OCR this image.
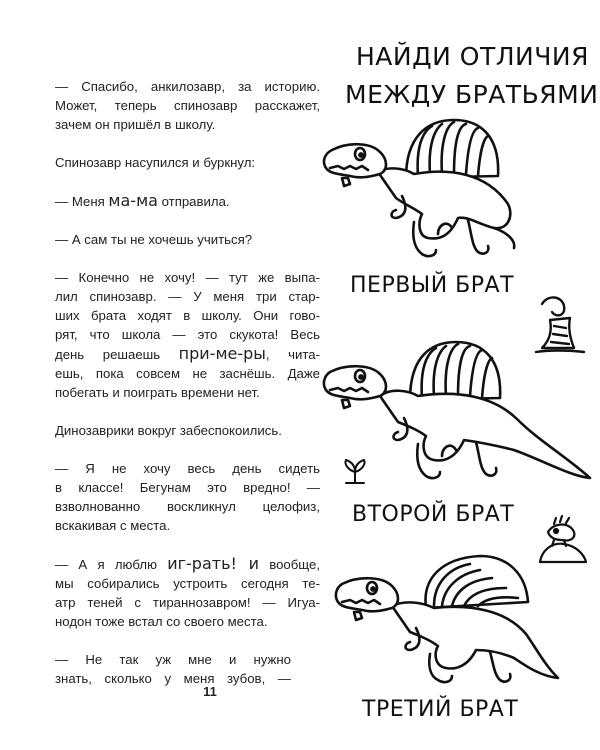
— Спасибо, анкилозавр, за историю.
Может, теперь спинозавр расскажет,
зачем он пришёл в школу.

Спинозавр насупился и буркнул:

— Меня ма-ма отправила.

— А сам ты не хочешь учиться?

— Конечно не хочу! — тут же выпа-
лил спинозавр. — У меня три стар-
ших брата ходят в школу. Они гово-
рят, что школа — это скукота! Весь
день решаешь при-ме-ры, чита-
ешь, пока совсем не заснёшь. Даже
побегать и поиграть времени нет.

Динозаврики вокруг забеспокоились.

— Я не хочу весь день сидеть
в классе! Бегунам это вредно! —
взволнованно воскликнул целофиз,
вскакивая с места.

— А я люблю иг-рать! и вообще,
мы собирались устроить сегодня те-
атр теней с тираннозавром! — Игуа-
нодон тоже встал со своего места.

— Не так уж мне и нужно
знать, сколько у меня зубов, —

11
НАЙДИ ОТЛИЧИЯ
МЕЖДУ БРАТЬЯМИ
ПЕРВЫЙ БРАТ
ВТОРОЙ БРАТ
ТРЕТИЙ БРАТ
